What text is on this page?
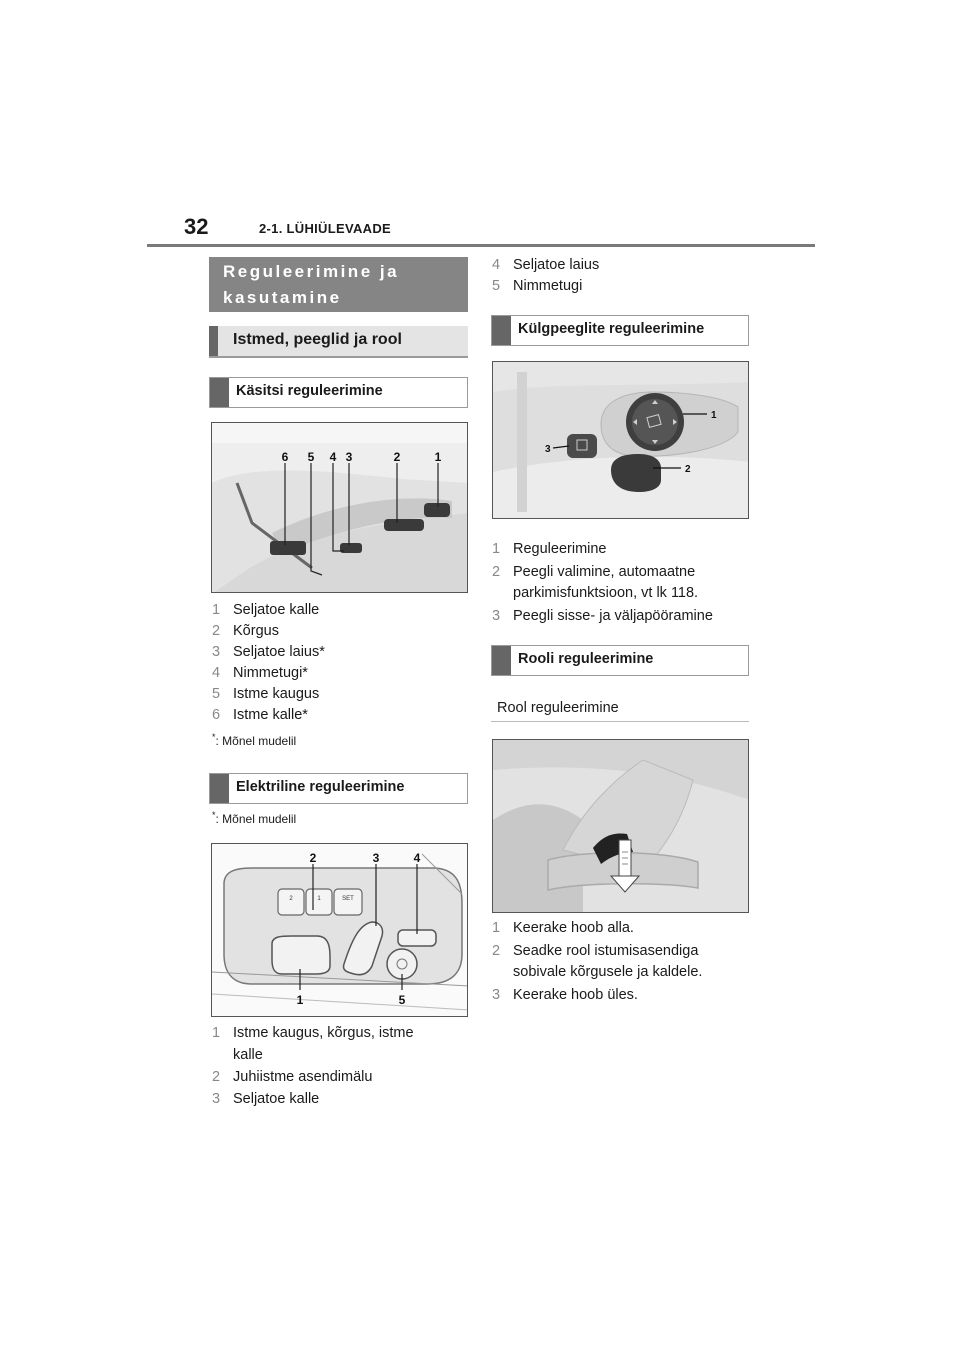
32	2-1. LÜHIÜLEVAADE
Reguleerimine ja
kasutamine
Istmed, peeglid ja rool
Käsitsi reguleerimine
6 5 4 3	2	1
1 Seljatoe kalle
2 Kõrgus
3 Seljatoe laius*
4 Nimmetugi*
5 Istme kaugus
6 Istme kalle*
*: Mõnel mudelil
Elektriline reguleerimine
*: Mõnel mudelil
2	1	SET
2	3	4
1	5
1 Istme kaugus, kõrgus, istme
kalle
2 Juhiistme asendimälu
3 Seljatoe kalle
4 Seljatoe laius
5 Nimmetugi
Külgpeeglite reguleerimine
1
2
3
1 Reguleerimine
2 Peegli valimine, automaatne
parkimisfunktsioon, vt lk 118.
3 Peegli sisse- ja väljapööramine
Rooli reguleerimine
Rool reguleerimine
1 Keerake hoob alla.
2 Seadke rool istumisasendiga
sobivale kõrgusele ja kaldele.
3 Keerake hoob üles.
